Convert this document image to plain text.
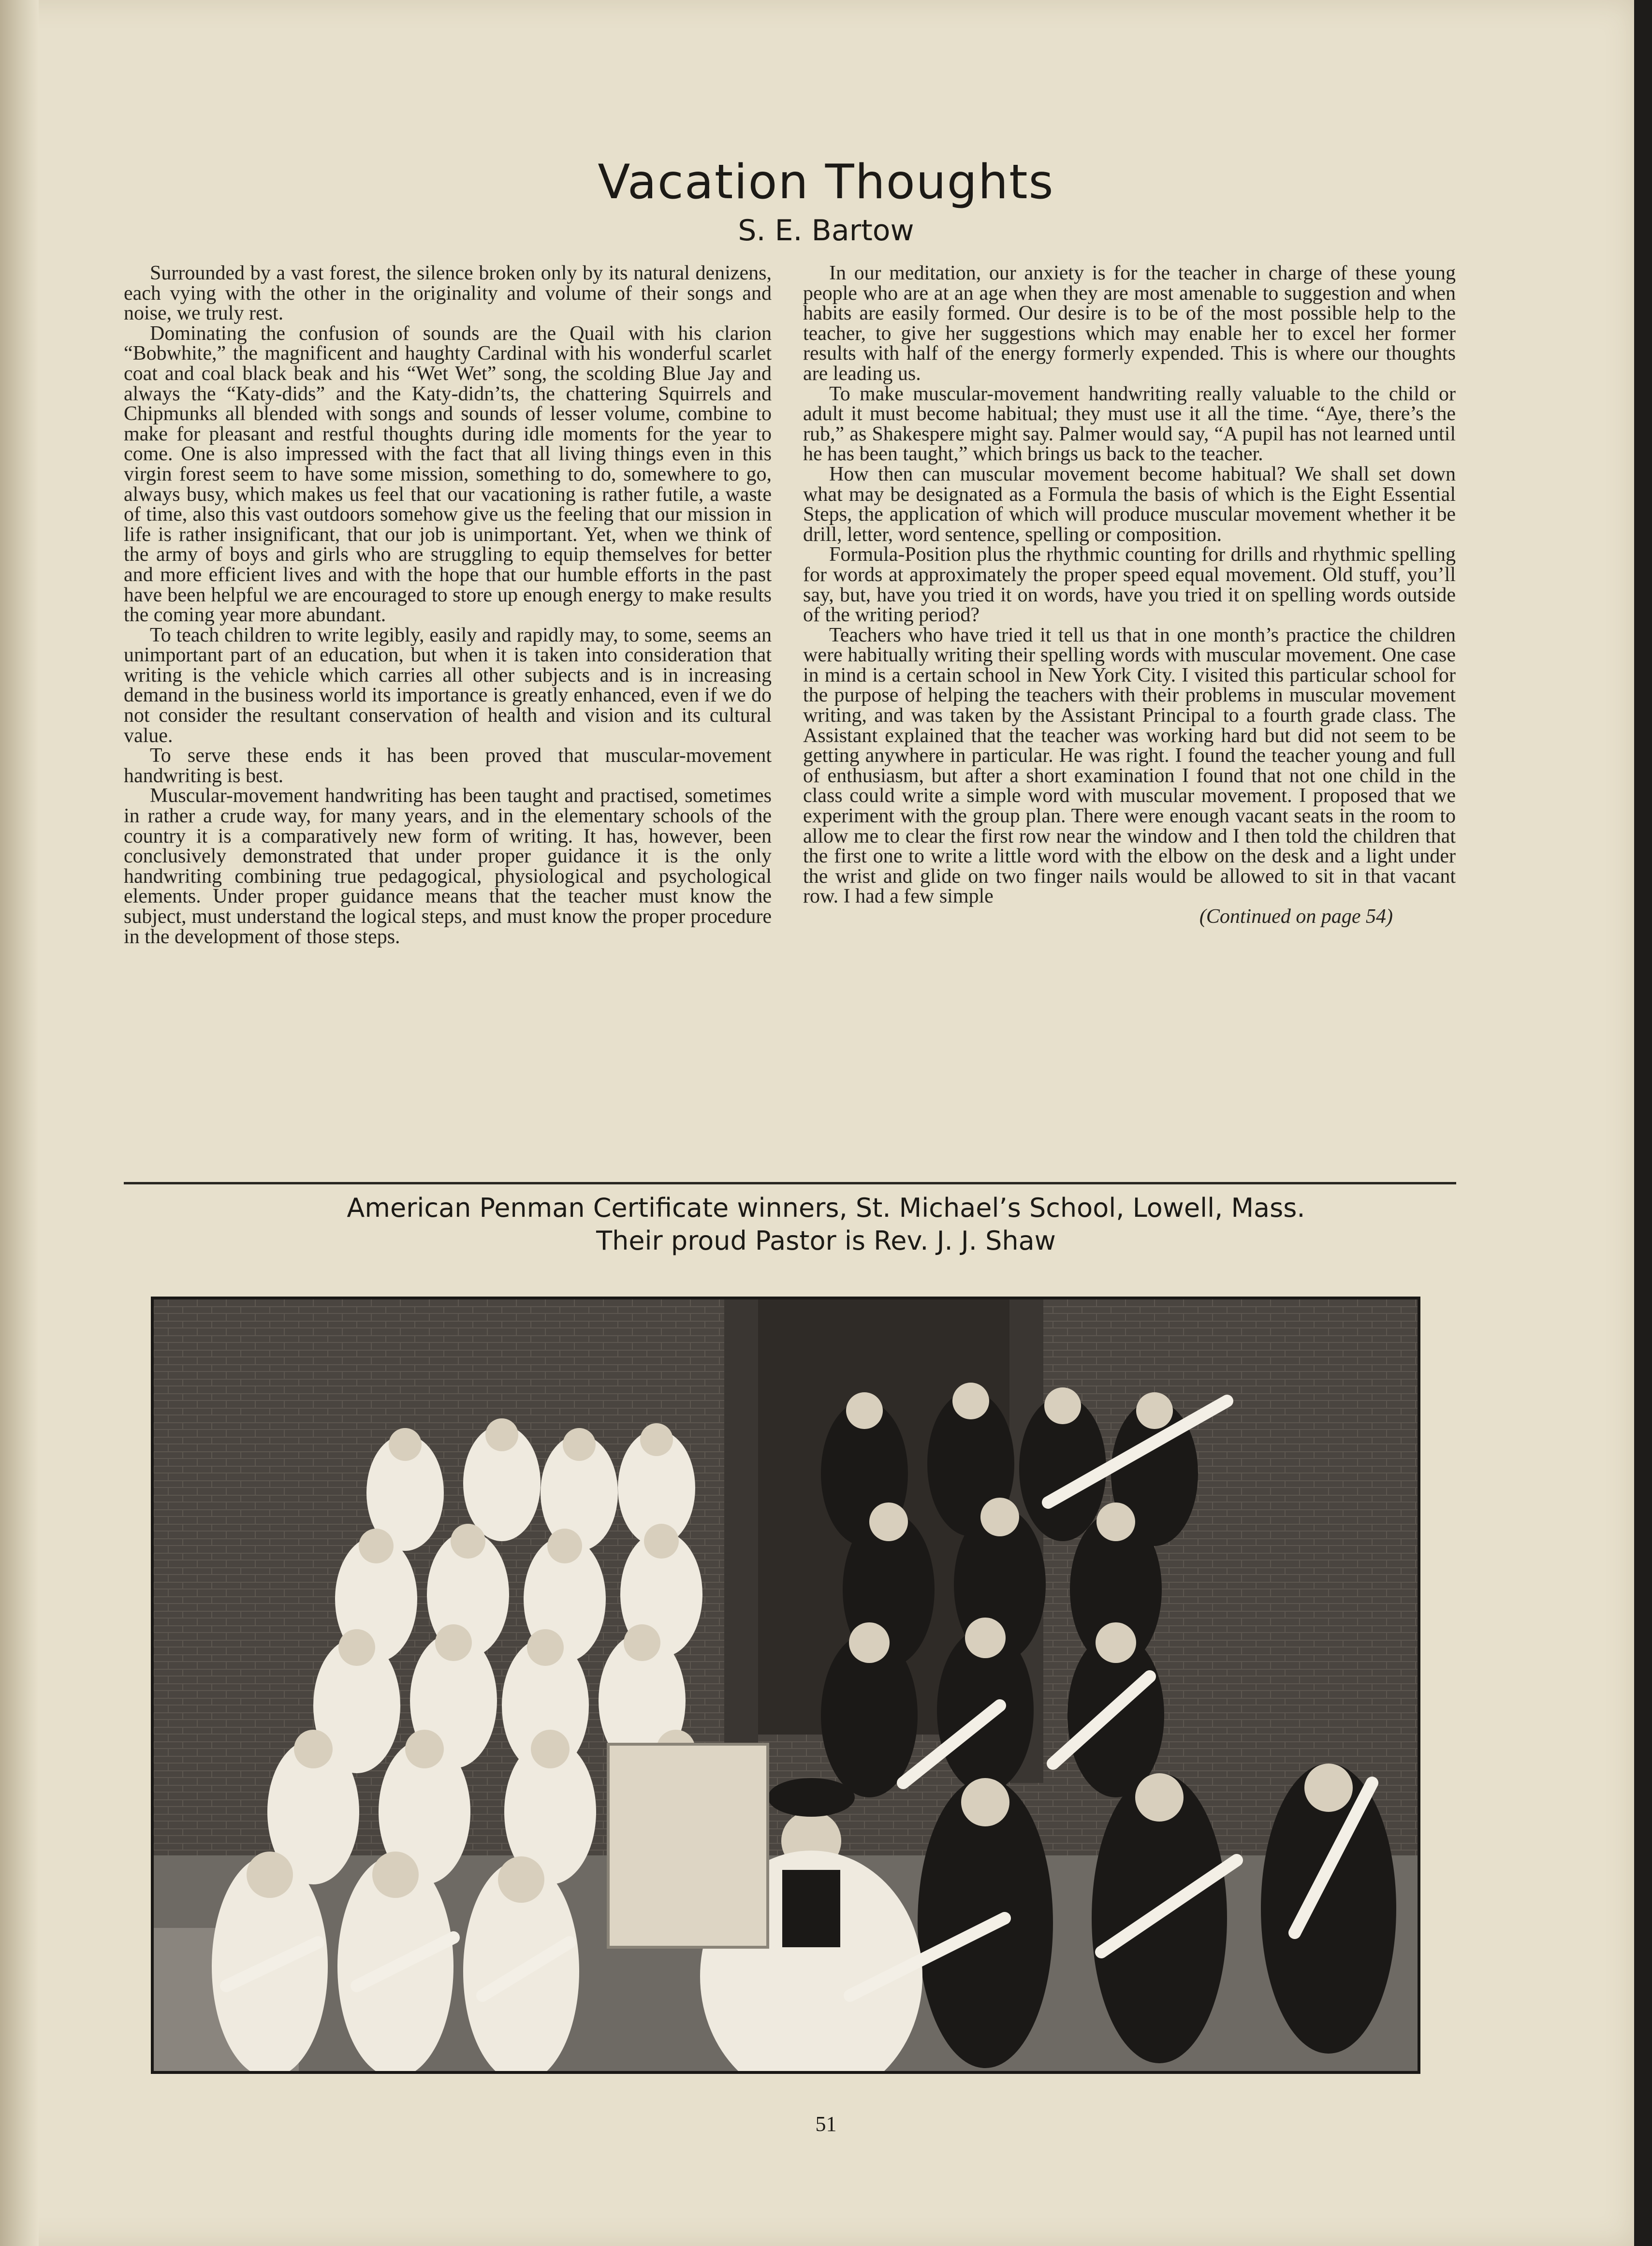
Vacation Thoughts
S. E. Bartow

Surrounded by a vast forest, the silence broken only by its natural denizens, each vying with the other in the originality and volume of their songs and noise, we truly rest.

Dominating the confusion of sounds are the Quail with his clarion “Bobwhite,” the magnificent and haughty Cardinal with his wonderful scarlet coat and coal black beak and his “Wet Wet” song, the scolding Blue Jay and always the “Katy-dids” and the Katy-didn’ts, the chattering Squirrels and Chipmunks all blended with songs and sounds of lesser volume, combine to make for pleasant and restful thoughts during idle moments for the year to come. One is also impressed with the fact that all living things even in this virgin forest seem to have some mission, something to do, somewhere to go, always busy, which makes us feel that our vacationing is rather futile, a waste of time, also this vast outdoors somehow give us the feeling that our mission in life is rather insignificant, that our job is unimportant. Yet, when we think of the army of boys and girls who are struggling to equip themselves for better and more efficient lives and with the hope that our humble efforts in the past have been helpful we are encouraged to store up enough energy to make results the coming year more abundant.

To teach children to write legibly, easily and rapidly may, to some, seems an unimportant part of an education, but when it is taken into consideration that writing is the vehicle which carries all other subjects and is in increasing demand in the business world its importance is greatly enhanced, even if we do not consider the resultant conservation of health and vision and its cultural value.

To serve these ends it has been proved that muscular-movement handwriting is best.

Muscular-movement handwriting has been taught and practised, sometimes in rather a crude way, for many years, and in the elementary schools of the country it is a comparatively new form of writing. It has, however, been conclusively demonstrated that under proper guidance it is the only handwriting combining true pedagogical, physiological and psychological elements. Under proper guidance means that the teacher must know the subject, must understand the logical steps, and must know the proper procedure in the development of those steps.

In our meditation, our anxiety is for the teacher in charge of these young people who are at an age when they are most amenable to suggestion and when habits are easily formed. Our desire is to be of the most possible help to the teacher, to give her suggestions which may enable her to excel her former results with half of the energy formerly expended. This is where our thoughts are leading us.

To make muscular-movement handwriting really valuable to the child or adult it must become habitual; they must use it all the time. “Aye, there’s the rub,” as Shakespere might say. Palmer would say, “A pupil has not learned until he has been taught,” which brings us back to the teacher.

How then can muscular movement become habitual? We shall set down what may be designated as a Formula the basis of which is the Eight Essential Steps, the application of which will produce muscular movement whether it be drill, letter, word sentence, spelling or composition.

Formula-Position plus the rhythmic counting for drills and rhythmic spelling for words at approximately the proper speed equal movement. Old stuff, you’ll say, but, have you tried it on words, have you tried it on spelling words outside of the writing period?

Teachers who have tried it tell us that in one month’s practice the children were habitually writing their spelling words with muscular movement. One case in mind is a certain school in New York City. I visited this particular school for the purpose of helping the teachers with their problems in muscular movement writing, and was taken by the Assistant Principal to a fourth grade class. The Assistant explained that the teacher was working hard but did not seem to be getting anywhere in particular. He was right. I found the teacher young and full of enthusiasm, but after a short examination I found that not one child in the class could write a simple word with muscular movement. I proposed that we experiment with the group plan. There were enough vacant seats in the room to allow me to clear the first row near the window and I then told the children that the first one to write a little word with the elbow on the desk and a light under the wrist and glide on two finger nails would be allowed to sit in that vacant row. I had a few simple

(Continued on page 54)

American Penman Certificate winners, St. Michael’s School, Lowell, Mass.
Their proud Pastor is Rev. J. J. Shaw
51
